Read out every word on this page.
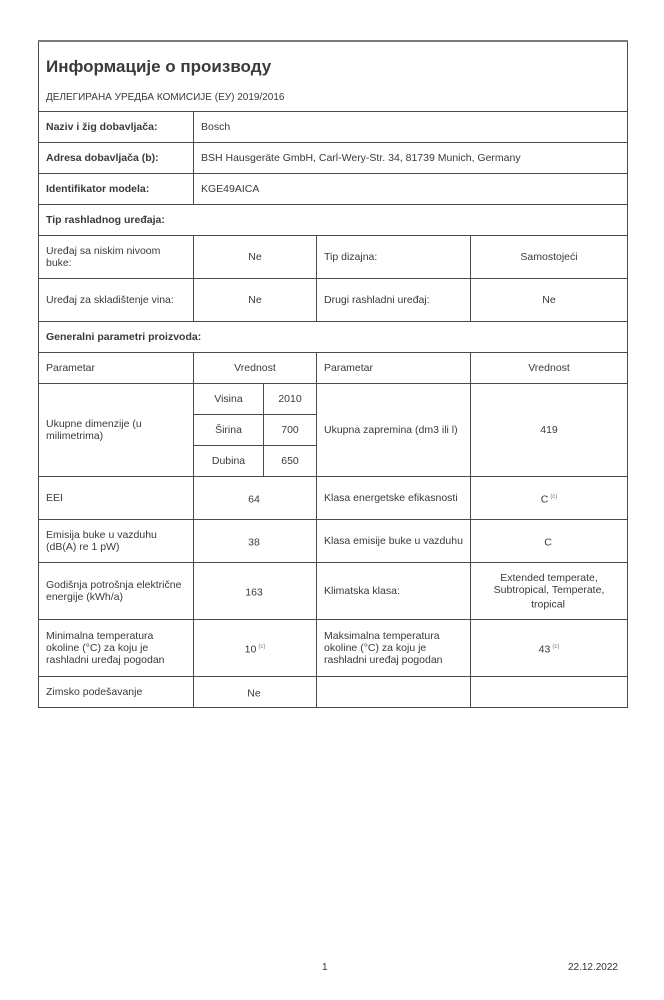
Информације о производу				
ДЕЛЕГИРАНА УРЕДБА КОМИСИЈЕ (ЕУ) 2019/2016				
Naziv i žig dobavljača:	Bosch			
Adresa dobavljača (b):	BSH Hausgeräte GmbH, Carl-Wery-Str. 34, 81739 Munich, Germany			
Identifikator modela:	KGE49AICA			
Tip rashladnog uređaja:				
Uređaj sa niskim nivoom buke:	Ne		Tip dizajna:	Samostojeći
Uređaj za skladištenje vina:	Ne		Drugi rashladni uređaj:	Ne
Generalni parametri proizvoda:				
Parametar	Vrednost		Parametar	Vrednost
Ukupne dimenzije (u milimetrima)	Visina	2010	Ukupna zapremina (dm3 ili l)	419
	Širina	700		
	Dubina	650		
EEI	64		Klasa energetske efikasnosti	C $^{(c)}$
Emisija buke u vazduhu (dB(A) re 1 pW)	38		Klasa emisije buke u vazduhu	C
Godišnja potrošnja električne energije (kWh/a)	163		Klimatska klasa:	Extended temperate, Subtropical, Temperate, tropical
Minimalna temperatura okoline (°C) za koju je rashladni uređaj pogodan	10 $^{(c)}$		Maksimalna temperatura okoline (°C) za koju je rashladni uređaj pogodan	43 $^{(c)}$
Zimsko podešavanje	Ne			
1	22.12.2022
